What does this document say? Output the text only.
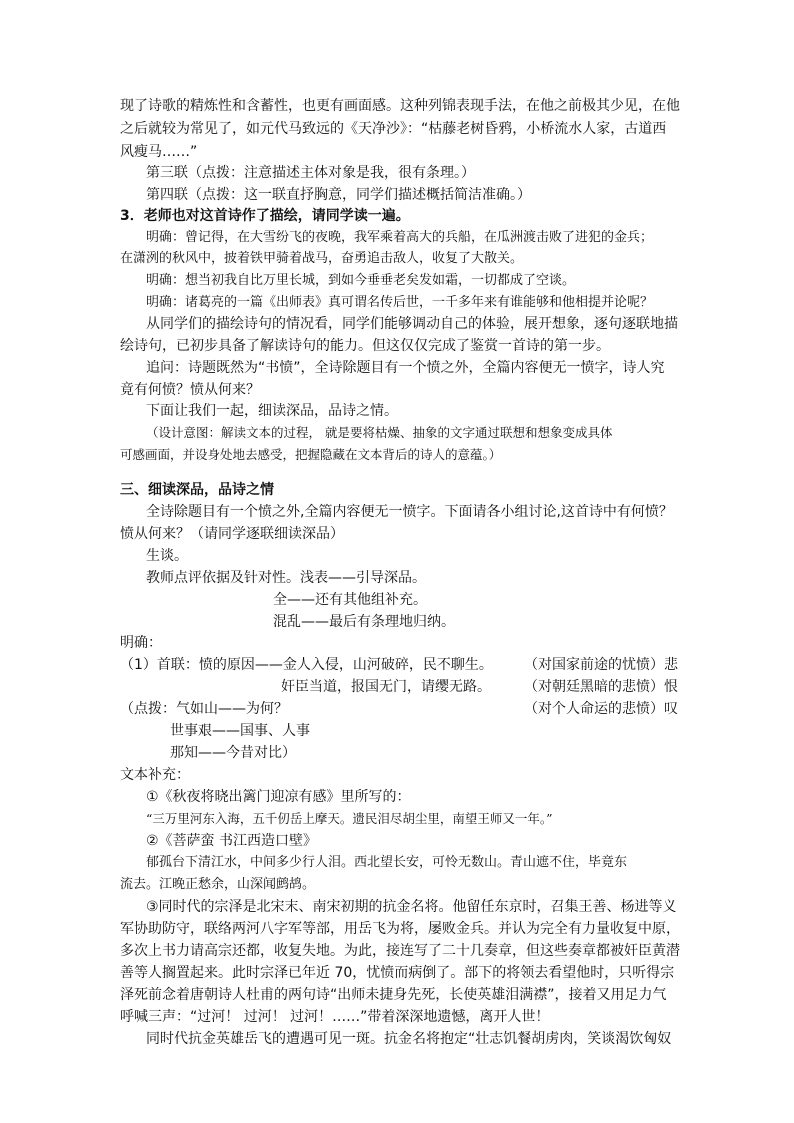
现了诗歌的精炼性和含蓄性，也更有画面感。这种列锦表现手法，在他之前极其少见，在他
之后就较为常见了，如元代马致远的《天净沙》：“枯藤老树昏鸦，小桥流水人家，古道西
风瘦马……”
第三联（点拨：注意描述主体对象是我，很有条理。）
第四联（点拨：这一联直抒胸意，同学们描述概括简洁准确。）
3．老师也对这首诗作了描绘，请同学读一遍。
明确：曾记得，在大雪纷飞的夜晚，我军乘着高大的兵船，在瓜洲渡击败了进犯的金兵；
在潇洌的秋风中，披着铁甲骑着战马，奋勇追击敌人，收复了大散关。
明确：想当初我自比万里长城，到如今垂垂老矣发如霜，一切都成了空谈。
明确：诸葛亮的一篇《出师表》真可谓名传后世，一千多年来有谁能够和他相提并论呢？
从同学们的描绘诗句的情况看，同学们能够调动自己的体验，展开想象，逐句逐联地描
绘诗句，已初步具备了解读诗句的能力。但这仅仅完成了鉴赏一首诗的第一步。
追问：诗题既然为“书愤”，全诗除题目有一个愤之外，全篇内容便无一愤字，诗人究
竟有何愤？愤从何来？
下面让我们一起，细读深品，品诗之情。
（设计意图：解读文本的过程， 就是要将枯燥、抽象的文字通过联想和想象变成具体
可感画面，并设身处地去感受，把握隐藏在文本背后的诗人的意蕴。）
三、细读深品，品诗之情
全诗除题目有一个愤之外,全篇内容便无一愤字。下面请各小组讨论,这首诗中有何愤？
愤从何来？（请同学逐联细读深品）
生谈。
教师点评依据及针对性。浅表——引导深品。
全——还有其他组补充。
混乱——最后有条理地归纳。
明确：
（1）首联：愤的原因——金人入侵，山河破碎，民不聊生。 （对国家前途的忧愤）悲
奸臣当道，报国无门，请缨无路。 （对朝廷黑暗的悲愤）恨
（点拨：气如山——为何？	（对个人命运的悲愤）叹
世事艰——国事、人事
那知——今昔对比）
文本补充：
①《秋夜将晓出篱门迎凉有感》里所写的：
“三万里河东入海，五千仞岳上摩天。遗民泪尽胡尘里，南望王师又一年。”
②《菩萨蛮 书江西造口壁》
郁孤台下清江水，中间多少行人泪。西北望长安，可怜无数山。青山遮不住，毕竟东
流去。江晚正愁余，山深闻鹧鸪。
③同时代的宗泽是北宋末、南宋初期的抗金名将。他留任东京时，召集王善、杨进等义
军协助防守，联络两河八字军等部，用岳飞为将，屡败金兵。并认为完全有力量收复中原，
多次上书力请高宗还都，收复失地。为此，接连写了二十几奏章，但这些奏章都被奸臣黄潜
善等人搁置起来。此时宗泽已年近 70，忧愤而病倒了。部下的将领去看望他时，只听得宗
泽死前念着唐朝诗人杜甫的两句诗“出师未捷身先死，长使英雄泪满襟”，接着又用足力气
呼喊三声：“过河！ 过河！ 过河！……”带着深深地遗憾，离开人世！
同时代抗金英雄岳飞的遭遇可见一斑。抗金名将抱定“壮志饥餐胡虏肉，笑谈渴饮匈奴
